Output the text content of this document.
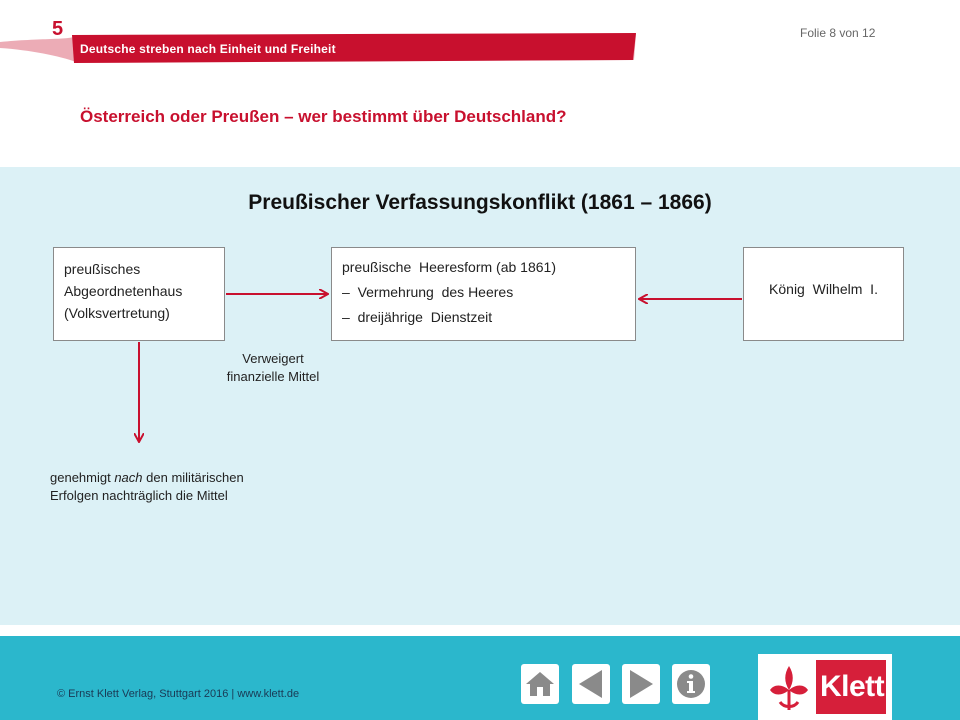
5	Folie 8 von 12
Deutsche streben nach Einheit und Freiheit
Österreich oder Preußen – wer bestimmt über Deutschland?
Preußischer Verfassungskonflikt (1861 – 1866)
preußisches
Abgeordnetenhaus
(Volksvertretung)
preußische  Heeresform (ab 1861)
–  Vermehrung  des Heeres
–  dreijährige  Dienstzeit
König  Wilhelm  I.
Verweigert
finanzielle Mittel
genehmigt nach den militärischen
Erfolgen nachträglich die Mittel
© Ernst Klett Verlag, Stuttgart 2016 | www.klett.de	Klett
